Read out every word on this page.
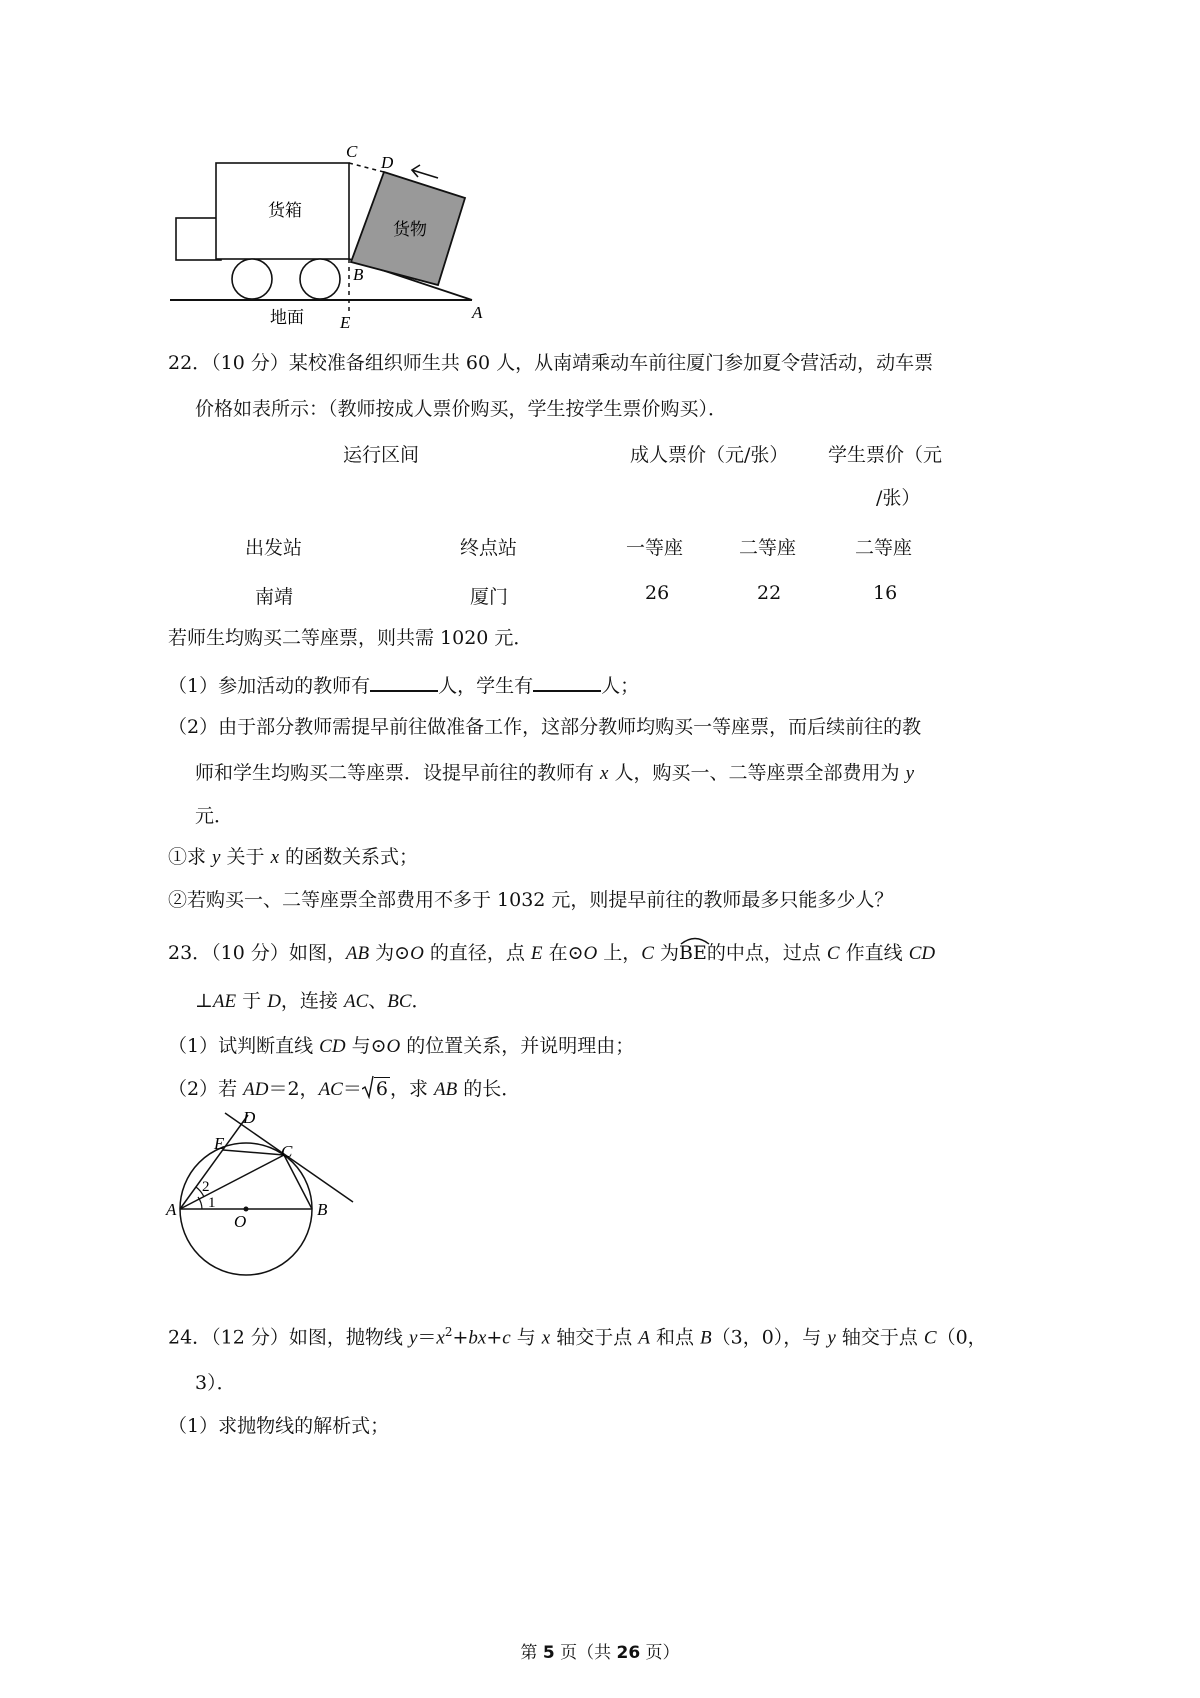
C
D
B
E
A
货箱
货物
地面
22．（10 分）某校准备组织师生共 60 人，从南靖乘动车前往厦门参加夏令营活动，动车票
价格如表所示：（教师按成人票价购买，学生按学生票价购买）．
运行区间	成人票价（元/张） 学生票价（元
/张）
出发站	终点站	一等座	二等座	二等座
南靖	厦门	26	22	16
若师生均购买二等座票，则共需 1020 元．
（1）参加活动的教师有	人，学生有	人；
（2）由于部分教师需提早前往做准备工作，这部分教师均购买一等座票，而后续前往的教
师和学生均购买二等座票．设提早前往的教师有 x 人，购买一、二等座票全部费用为 y
元．
①求 y 关于 x 的函数关系式；
②若购买一、二等座票全部费用不多于 1032 元，则提早前往的教师最多只能多少人？
23．（10 分）如图，AB 为⊙O 的直径，点 E 在⊙O 上，C 为
BE的中点，过点 C 作直线 CD
⊥AE 于 D，连接 AC、BC．
（1）试判断直线 CD 与⊙O 的位置关系，并说明理由；
（2）若 AD＝2，AC＝ 6 ，求 AB 的长．
D
E	C
A
O
B
1
2
24．（12 分）如图，抛物线 $y=x^2+bx+c$ 与 x 轴交于点 A 和点 B（3，0），与 y 轴交于点 C（0，
3）．
（1）求抛物线的解析式；
第 5 页（共 26 页）
